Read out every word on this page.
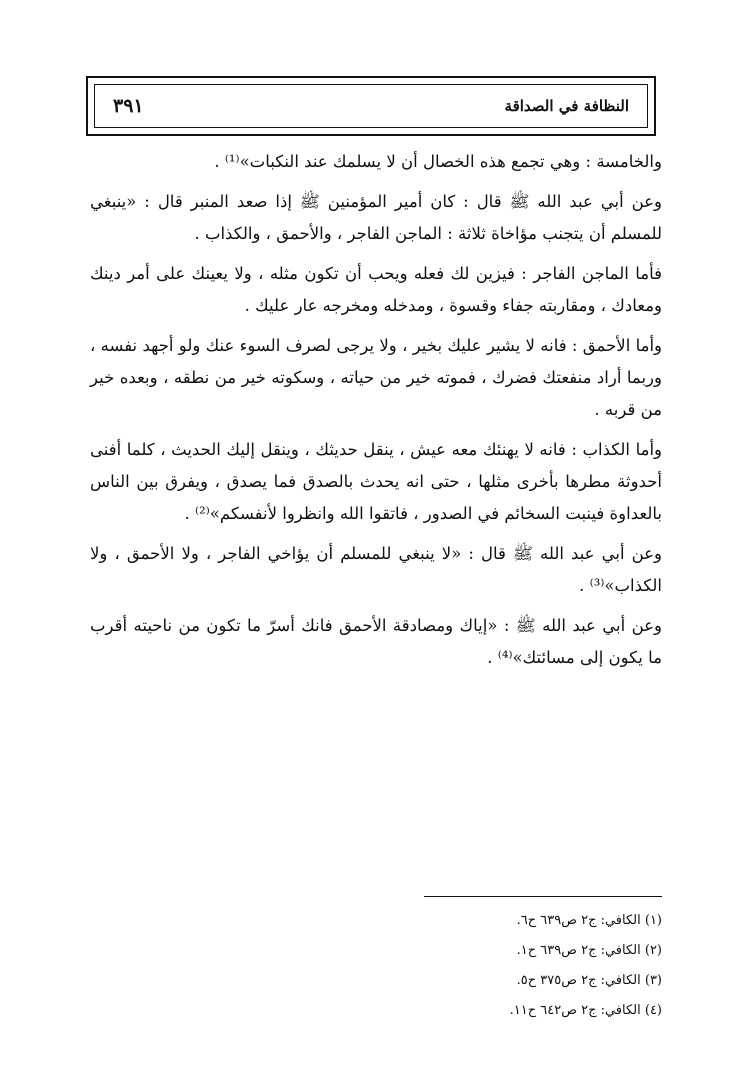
النظافة في الصداقة
٣٩١

والخامسة : وهي تجمع هذه الخصال أن لا يسلمك عند النكبات»⁽¹⁾ .

وعن أبي عبد الله ﷺ قال : كان أمير المؤمنين ﷺ إذا صعد المنبر قال : «ينبغي للمسلم أن يتجنب مؤاخاة ثلاثة : الماجن الفاجر ، والأحمق ، والكذاب .

فأما الماجن الفاجر : فيزين لك فعله ويحب أن تكون مثله ، ولا يعينك على أمر دينك ومعادك ، ومقاربته جفاء وقسوة ، ومدخله ومخرجه عار عليك .

وأما الأحمق : فانه لا يشير عليك بخير ، ولا يرجى لصرف السوء عنك ولو أجهد نفسه ، وربما أراد منفعتك فضرك ، فموته خير من حياته ، وسكوته خير من نطقه ، وبعده خير من قربه .

وأما الكذاب : فانه لا يهنئك معه عيش ، ينقل حديثك ، وينقل إليك الحديث ، كلما أفنى أحدوثة مطرها بأخرى مثلها ، حتى انه يحدث بالصدق فما يصدق ، ويفرق بين الناس بالعداوة فينبت السخائم في الصدور ، فاتقوا الله وانظروا لأنفسكم»⁽²⁾ .

وعن أبي عبد الله ﷺ قال : «لا ينبغي للمسلم أن يؤاخي الفاجر ، ولا الأحمق ، ولا الكذاب»⁽³⁾ .

وعن أبي عبد الله ﷺ : «إياك ومصادقة الأحمق فانك أسرّ ما تكون من ناحيته أقرب ما يكون إلى مسائتك»⁽⁴⁾ .

(١) الكافي: ج٢ ص٦٣٩ ح٦.

(٢) الكافي: ج٢ ص٦٣٩ ح١.

(٣) الكافي: ج٢ ص٣٧٥ ح٥.

(٤) الكافي: ج٢ ص٦٤٢ ح١١.
